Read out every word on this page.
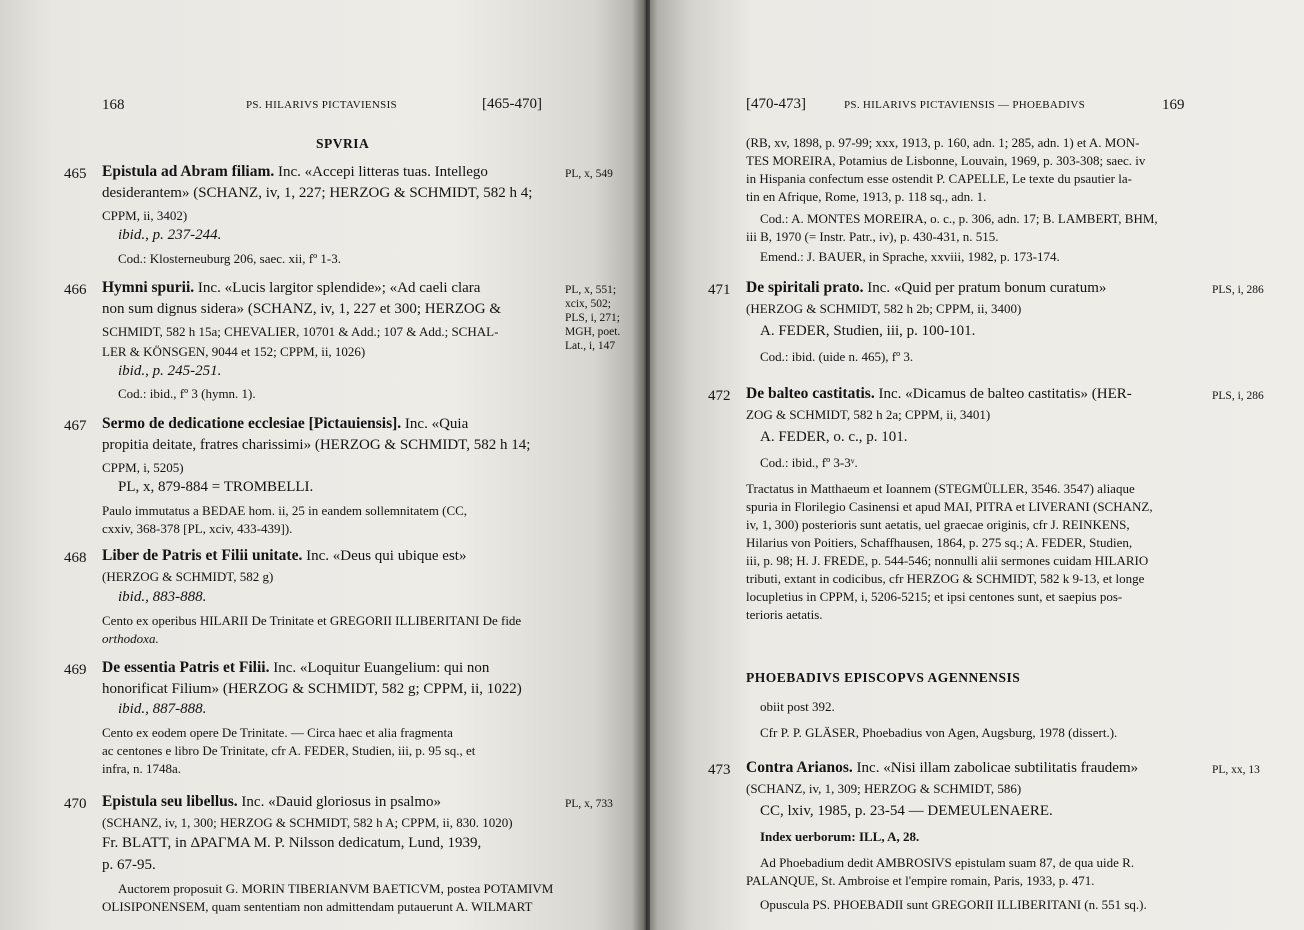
168	PS. HILARIVS PICTAVIENSIS	[465-470]
SPVRIA
465 Epistula ad Abram filiam. Inc. «Accepi litteras tuas. Intellego
desiderantem» (SCHANZ, iv, 1, 227; HERZOG & SCHMIDT, 582 h 4;
CPPM, ii, 3402)
ibid., p. 237-244.
Cod.: Klosterneuburg 206, saec. xii, fº 1-3.
PL, x, 549
466 Hymni spurii. Inc. «Lucis largitor splendide»; «Ad caeli clara
non sum dignus sidera» (SCHANZ, iv, 1, 227 et 300; HERZOG &
SCHMIDT, 582 h 15a; CHEVALIER, 10701 & Add.; 107 & Add.; SCHAL-
LER & KÖNSGEN, 9044 et 152; CPPM, ii, 1026)
ibid., p. 245-251.
Cod.: ibid., fº 3 (hymn. 1).
PL, x, 551;
xcix, 502;
PLS, i, 271;
MGH, poet.
Lat., i, 147
467 Sermo de dedicatione ecclesiae [Pictauiensis]. Inc. «Quia
propitia deitate, fratres charissimi» (HERZOG & SCHMIDT, 582 h 14;
CPPM, i, 5205)
PL, x, 879-884 = TROMBELLI.
Paulo immutatus a BEDAE hom. ii, 25 in eandem sollemnitatem (CC,
cxxiv, 368-378 [PL, xciv, 433-439]).
468 Liber de Patris et Filii unitate. Inc. «Deus qui ubique est»
(HERZOG & SCHMIDT, 582 g)
ibid., 883-888.
Cento ex operibus HILARII De Trinitate et GREGORII ILLIBERITANI De fide
orthodoxa.
469 De essentia Patris et Filii. Inc. «Loquitur Euangelium: qui non
honorificat Filium» (HERZOG & SCHMIDT, 582 g; CPPM, ii, 1022)
ibid., 887-888.
Cento ex eodem opere De Trinitate. — Circa haec et alia fragmenta
ac centones e libro De Trinitate, cfr A. FEDER, Studien, iii, p. 95 sq., et
infra, n. 1748a.
470 Epistula seu libellus. Inc. «Dauid gloriosus in psalmo»
(SCHANZ, iv, 1, 300; HERZOG & SCHMIDT, 582 h A; CPPM, ii, 830. 1020)
Fr. BLATT, in ΔΡΑΓΜΑ M. P. Nilsson dedicatum, Lund, 1939,
p. 67-95.
Auctorem proposuit G. MORIN TIBERIANVM BAETICVM, postea POTAMIVM
OLISIPONENSEM, quam sententiam non admittendam putauerunt A. WILMART
PL, x, 733
[470-473]	PS. HILARIVS PICTAVIENSIS — PHOEBADIVS	169
(RB, xv, 1898, p. 97-99; xxx, 1913, p. 160, adn. 1; 285, adn. 1) et A. MON-
TES MOREIRA, Potamius de Lisbonne, Louvain, 1969, p. 303-308; saec. iv
in Hispania confectum esse ostendit P. CAPELLE, Le texte du psautier la-
tin en Afrique, Rome, 1913, p. 118 sq., adn. 1.
Cod.: A. MONTES MOREIRA, o. c., p. 306, adn. 17; B. LAMBERT, BHM,
iii B, 1970 (= Instr. Patr., iv), p. 430-431, n. 515.
Emend.: J. BAUER, in Sprache, xxviii, 1982, p. 173-174.
471 De spiritali prato. Inc. «Quid per pratum bonum curatum»
(HERZOG & SCHMIDT, 582 h 2b; CPPM, ii, 3400)
A. FEDER, Studien, iii, p. 100-101.
Cod.: ibid. (uide n. 465), fº 3.
PLS, i, 286
472 De balteo castitatis. Inc. «Dicamus de balteo castitatis» (HER-
ZOG & SCHMIDT, 582 h 2a; CPPM, ii, 3401)
A. FEDER, o. c., p. 101.
Cod.: ibid., fº 3-3ᵛ.
Tractatus in Matthaeum et Ioannem (STEGMÜLLER, 3546. 3547) aliaque
spuria in Florilegio Casinensi et apud MAI, PITRA et LIVERANI (SCHANZ,
iv, 1, 300) posterioris sunt aetatis, uel graecae originis, cfr J. REINKENS,
Hilarius von Poitiers, Schaffhausen, 1864, p. 275 sq.; A. FEDER, Studien,
iii, p. 98; H. J. FREDE, p. 544-546; nonnulli alii sermones cuidam HILARIO
tributi, extant in codicibus, cfr HERZOG & SCHMIDT, 582 k 9-13, et longe
locupletius in CPPM, i, 5206-5215; et ipsi centones sunt, et saepius pos-
terioris aetatis.
PLS, i, 286
PHOEBADIVS EPISCOPVS AGENNENSIS
obiit post 392.
Cfr P. P. GLÄSER, Phoebadius von Agen, Augsburg, 1978 (dissert.).
473 Contra Arianos. Inc. «Nisi illam zabolicae subtilitatis fraudem»
(SCHANZ, iv, 1, 309; HERZOG & SCHMIDT, 586)
CC, lxiv, 1985, p. 23-54 — DEMEULENAERE.
Index uerborum: ILL, A, 28.
Ad Phoebadium dedit AMBROSIVS epistulam suam 87, de qua uide R.
PALANQUE, St. Ambroise et l'empire romain, Paris, 1933, p. 471.
Opuscula PS. PHOEBADII sunt GREGORII ILLIBERITANI (n. 551 sq.).
PL, xx, 13
